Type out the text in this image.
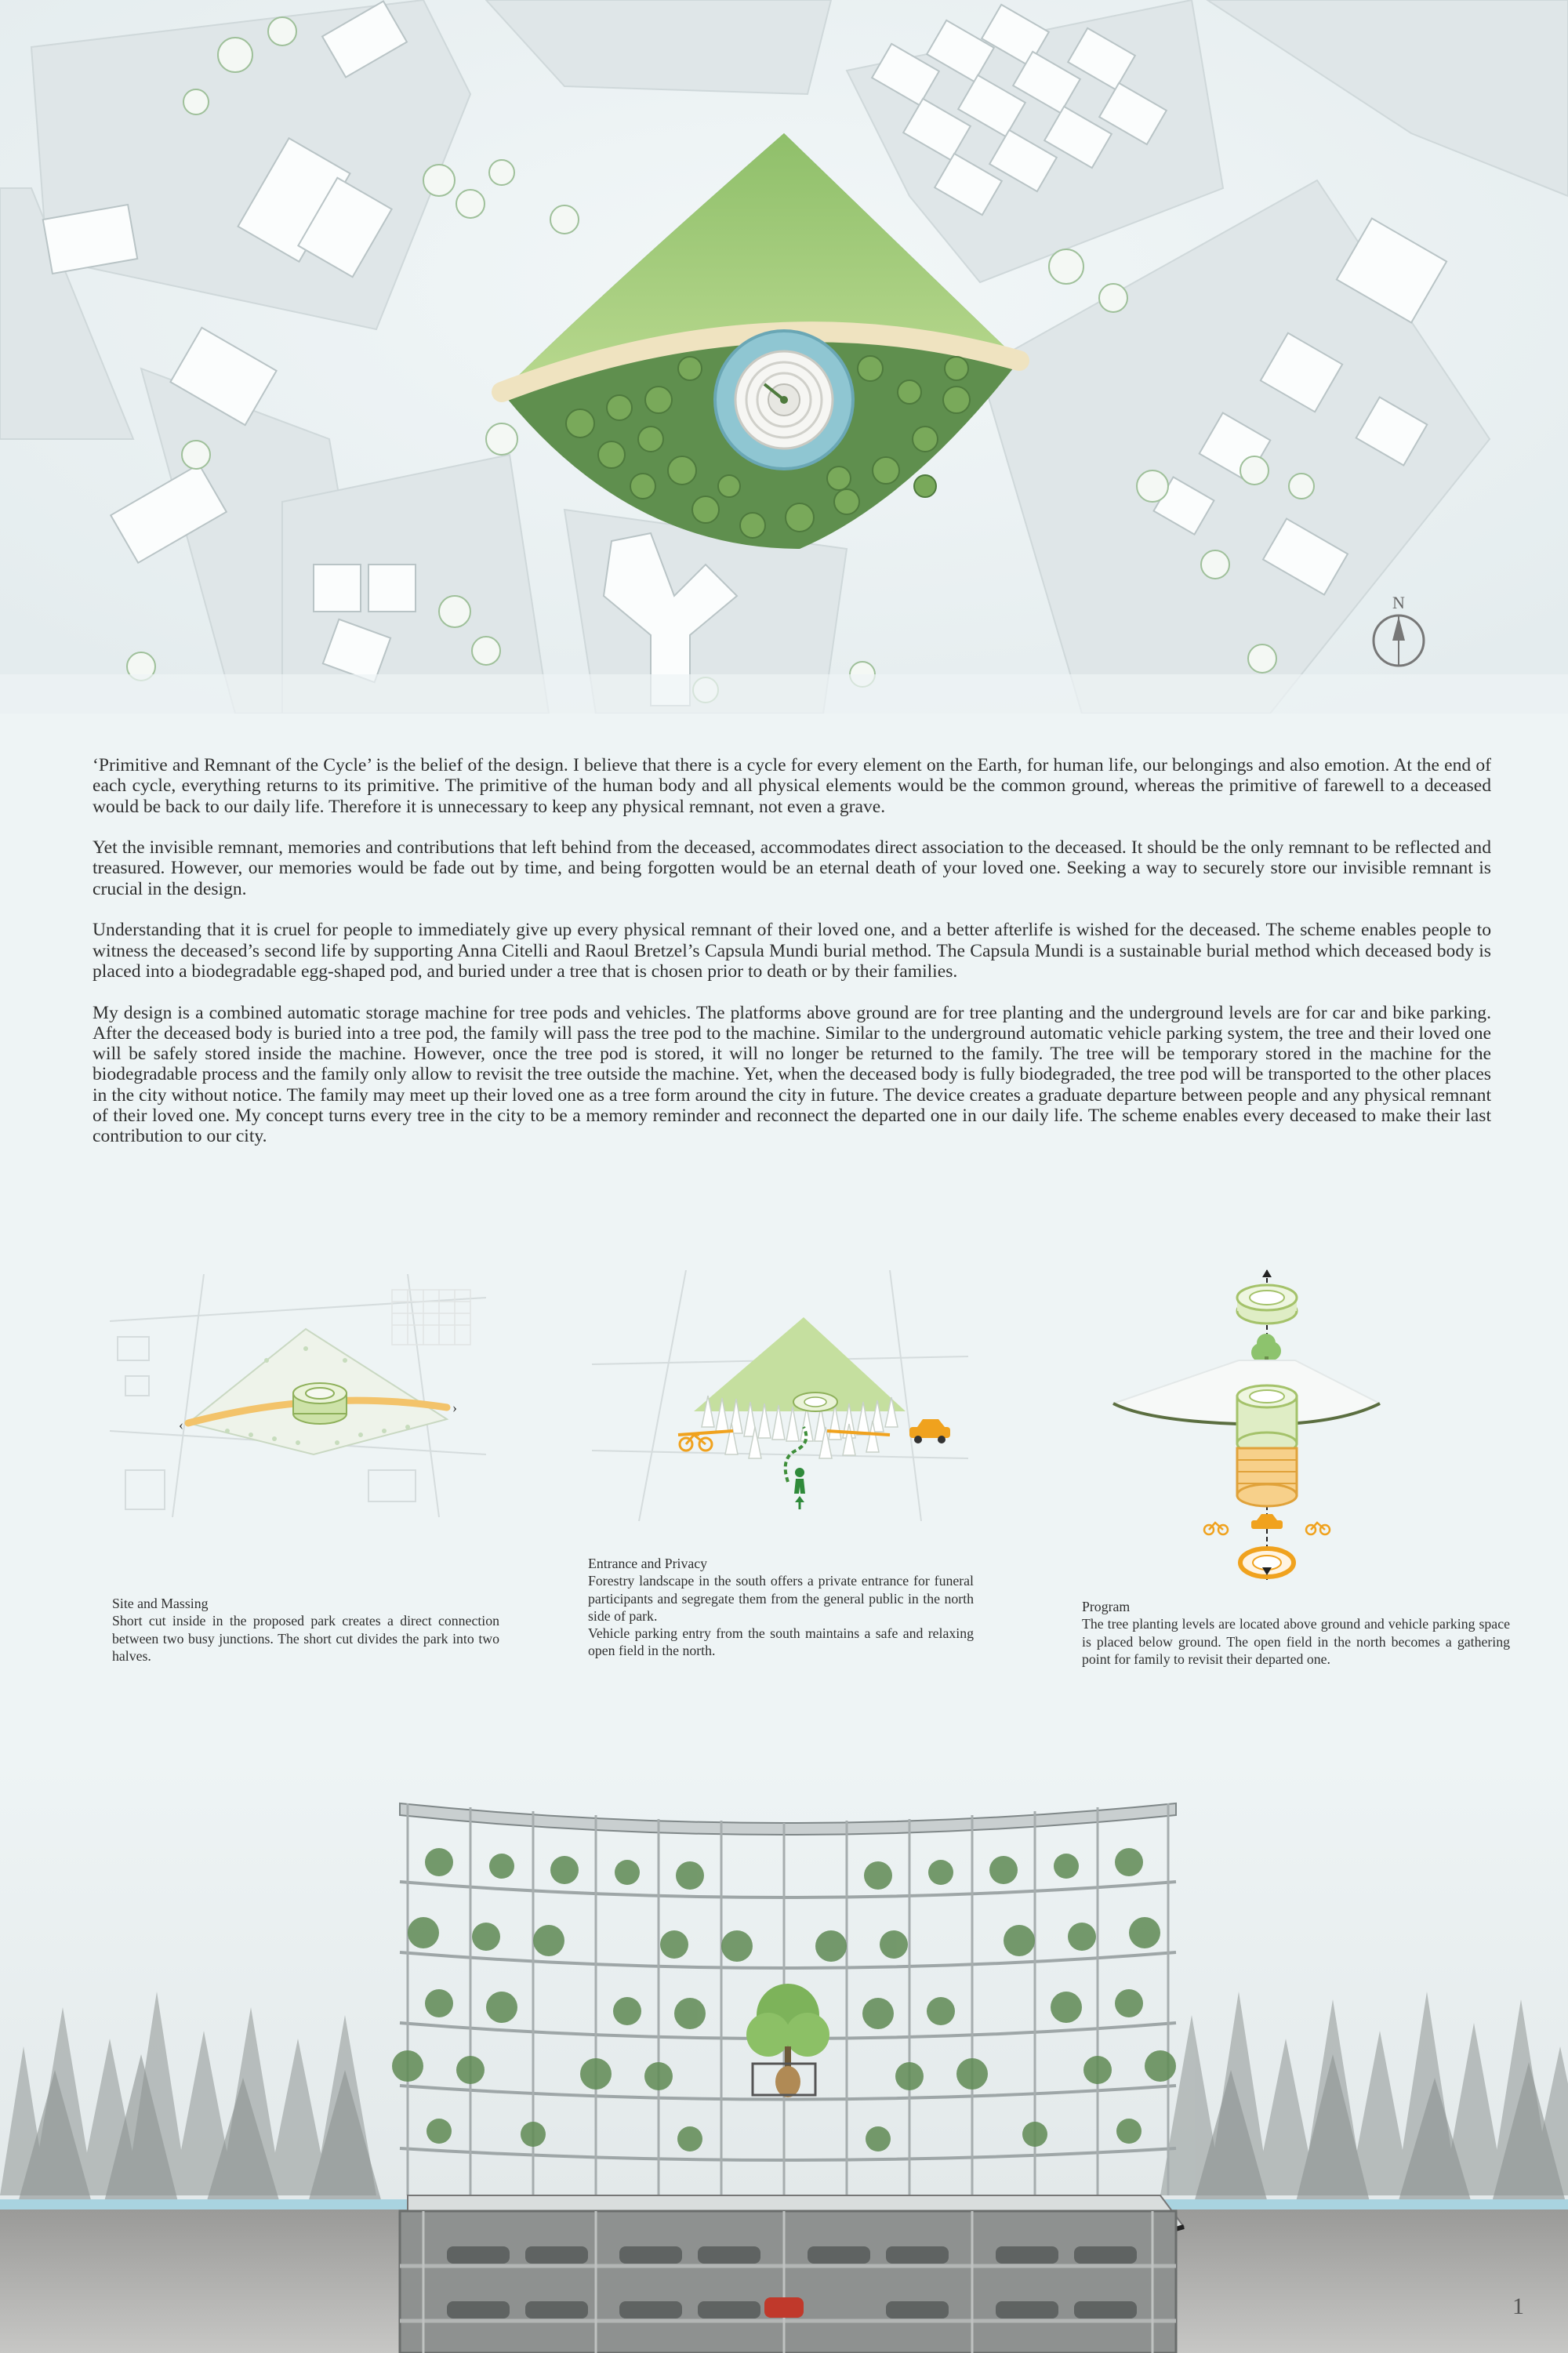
N

‘Primitive and Remnant of the Cycle’ is the belief of the design. I believe that there is a cycle for every element on the Earth, for human life, our belongings and also emotion. At the end of each cycle, everything returns to its primitive. The primitive of the human body and all physical elements would be the common ground, whereas the primitive of farewell to a deceased would be back to our daily life. Therefore it is unnecessary to keep any physical remnant, not even a grave.

Yet the invisible remnant, memories and contributions that left behind from the deceased, accommodates direct association to the deceased. It should be the only remnant to be reflected and treasured. However, our memories would be fade out by time, and being forgotten would be an eternal death of your loved one. Seeking a way to securely store our invisible remnant is crucial in the design.

Understanding that it is cruel for people to immediately give up every physical remnant of their loved one, and a better afterlife is wished for the deceased. The scheme enables people to witness the deceased’s second life by supporting Anna Citelli and Raoul Bretzel’s Capsula Mundi burial method. The Capsula Mundi is a sustainable burial method which deceased body is placed into a biodegradable egg-shaped pod, and buried under a tree that is chosen prior to death or by their families.

My design is a combined automatic storage machine for tree pods and vehicles. The platforms above ground are for tree planting and the underground levels are for car and bike parking. After the deceased body is buried into a tree pod, the family will pass the tree pod to the machine. Similar to the underground automatic vehicle parking system, the tree and their loved one will be safely stored inside the machine. However, once the tree pod is stored, it will no longer be returned to the family. The tree will be temporary stored in the machine for the biodegradable process and the family only allow to revisit the tree outside the machine. Yet, when the deceased body is fully biodegraded, the tree pod will be transported to the other places in the city without notice. The family may meet up their loved one as a tree form around the city in future. The device creates a graduate departure between people and any physical remnant of their loved one. My concept turns every tree in the city to be a memory reminder and reconnect the departed one in our daily life. The scheme enables every deceased to make their last contribution to our city.

‹
›
Site and Massing
Short cut inside in the proposed park creates a direct connection between two busy junctions. The short cut divides the park into two halves.
Entrance and Privacy
Forestry landscape in the south offers a private entrance for funeral participants and segregate them from the general public in the north side of park.
Vehicle parking entry from the south maintains a safe and relaxing open field in the north.
Program
The tree planting levels are located above ground and vehicle parking space is placed below ground. The open field in the north becomes a gathering point for family to revisit their departed one.
1
